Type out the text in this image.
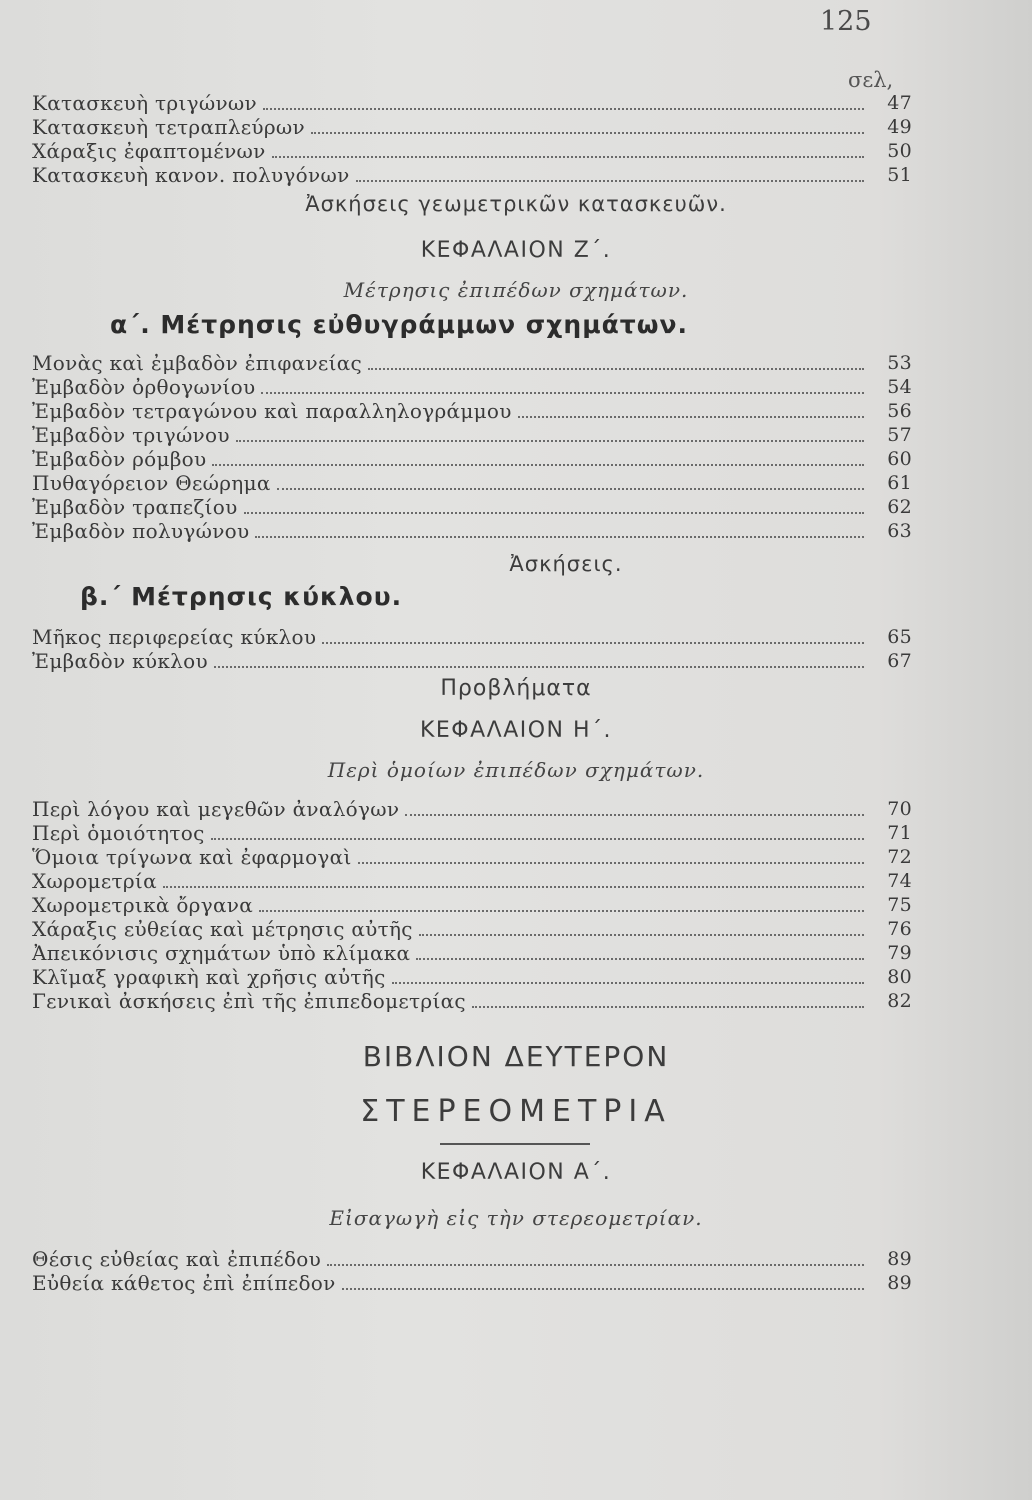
125
σελ,
Κατασκευὴ τριγώνων	47
Κατασκευὴ τετραπλεύρων	49
Χάραξις ἐφαπτομένων	50
Κατασκευὴ κανον. πολυγόνων	51
Ἀσκήσεις γεωμετρικῶν κατασκευῶν.
ΚΕΦΑΛΑΙΟΝ Ζ΄.
Μέτρησις ἐπιπέδων σχημάτων.
α΄. Μέτρησις εὐθυγράμμων σχημάτων.
Μονὰς καὶ ἐμβαδὸν ἐπιφανείας	53
Ἐμβαδὸν ὀρθογωνίου	54
Ἐμβαδὸν τετραγώνου καὶ παραλληλογράμμου	56
Ἐμβαδὸν τριγώνου	57
Ἐμβαδὸν ρόμβου	60
Πυθαγόρειον Θεώρημα	61
Ἐμβαδὸν τραπεζίου	62
Ἐμβαδὸν πολυγώνου	63
Ἀσκήσεις.
β.΄ Μέτρησις κύκλου.
Μῆκος περιφερείας κύκλου	65
Ἐμβαδὸν κύκλου	67
Προβλήματα
ΚΕΦΑΛΑΙΟΝ Η΄.
Περὶ ὁμοίων ἐπιπέδων σχημάτων.
Περὶ λόγου καὶ μεγεθῶν ἀναλόγων	70
Περὶ ὁμοιότητος	71
Ὅμοια τρίγωνα καὶ ἐφαρμογαὶ	72
Χωρομετρία	74
Χωρομετρικὰ ὄργανα	75
Χάραξις εὐθείας καὶ μέτρησις αὐτῆς	76
Ἀπεικόνισις σχημάτων ὑπὸ κλίμακα	79
Κλῖμαξ γραφικὴ καὶ χρῆσις αὐτῆς	80
Γενικαὶ ἀσκήσεις ἐπὶ τῆς ἐπιπεδομετρίας	82
ΒΙΒΛΙΟΝ ΔΕΥΤΕΡΟΝ
ΣΤΕΡΕΟΜΕΤΡΙΑ
ΚΕΦΑΛΑΙΟΝ Α΄.
Εἰσαγωγὴ εἰς τὴν στερεομετρίαν.
Θέσις εὐθείας καὶ ἐπιπέδου	89
Εὐθεία κάθετος ἐπὶ ἐπίπεδον	89
